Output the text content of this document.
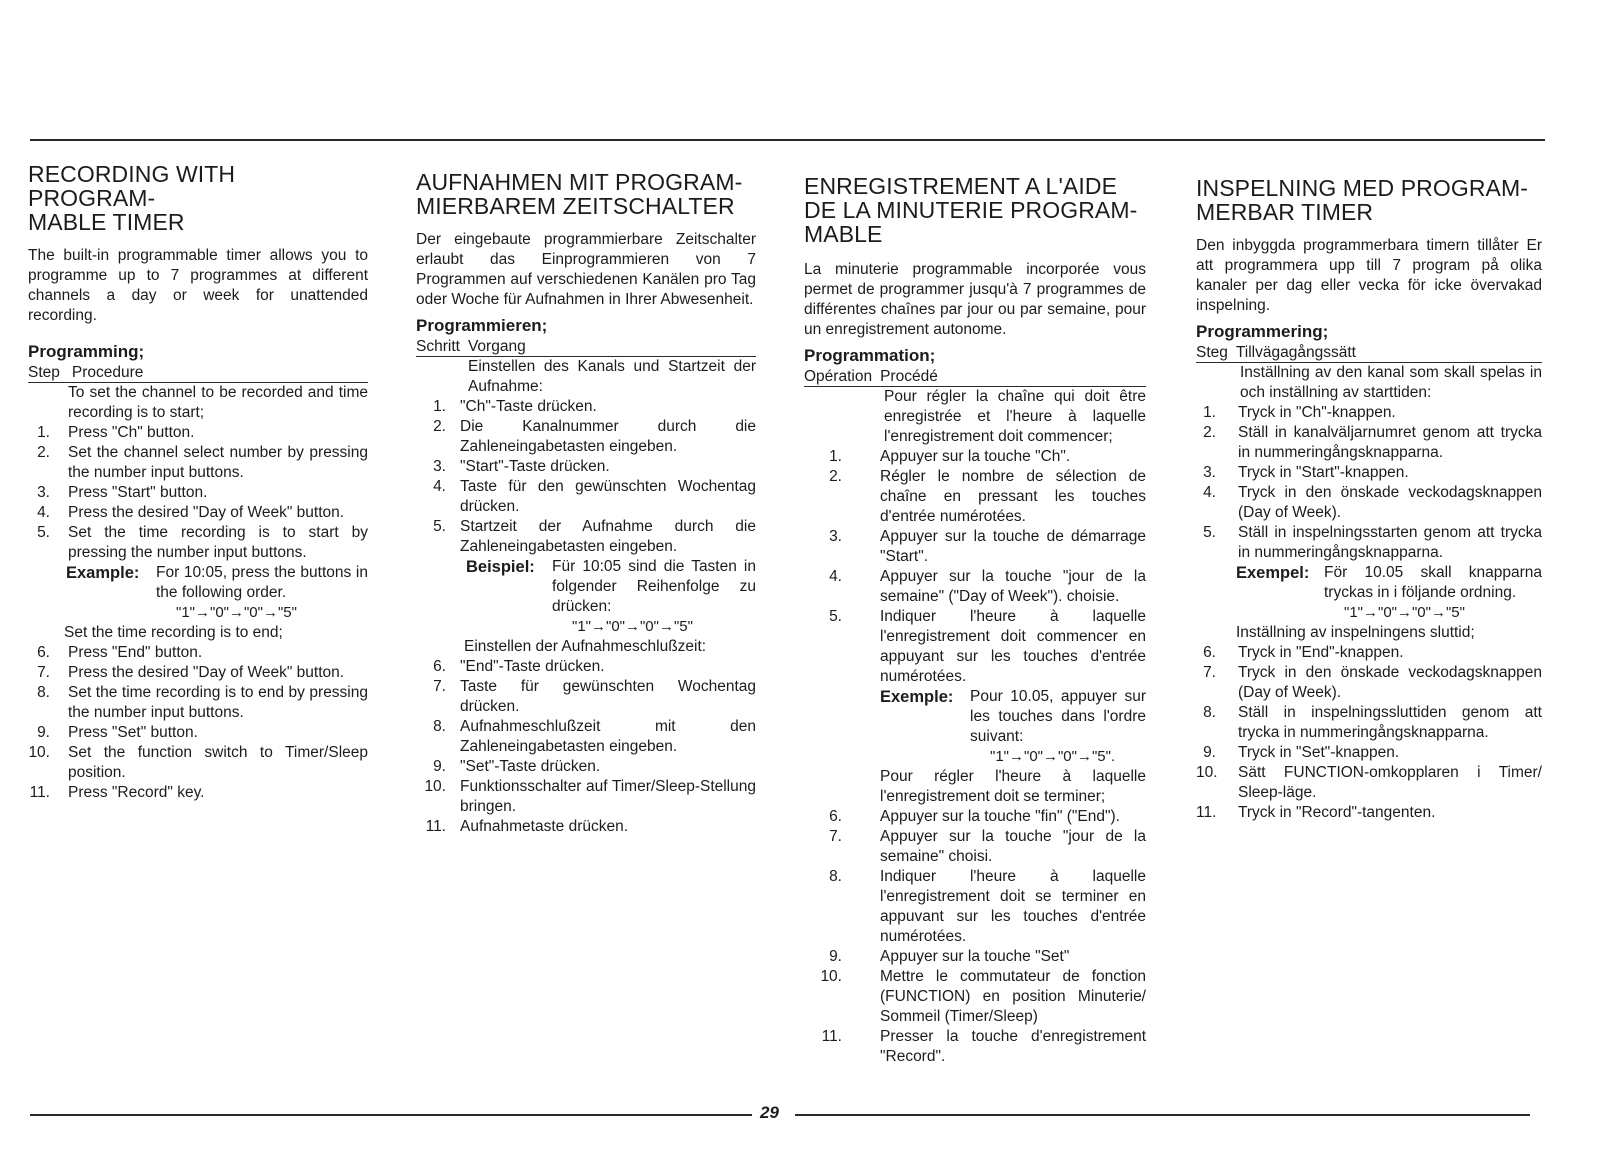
RECORDING WITH PROGRAM-
MABLE TIMER

The built-in programmable timer allows you to programme up to 7 programmes at different channels a day or week for unattended recording.

Programming;
Step Procedure
To set the channel to be recorded and time recording is to start;
1. Press "Ch" button.
2. Set the channel select number by pressing the number input buttons.
3. Press "Start" button.
4. Press the desired "Day of Week" button.
5. Set the time recording is to start by pressing the number input buttons.
Example:	For 10:05, press the buttons in the following order.
"1"→"0"→"0"→"5"
Set the time recording is to end;
6. Press "End" button.
7. Press the desired "Day of Week" button.
8. Set the time recording is to end by pressing the number input buttons.
9. Press "Set" button.
10. Set the function switch to Timer/Sleep position.
11. Press "Record" key.
AUFNAHMEN MIT PROGRAM-
MIERBAREM ZEITSCHALTER

Der eingebaute programmierbare Zeitschalter erlaubt das Einprogrammieren von 7 Programmen auf verschiedenen Kanälen pro Tag oder Woche für Aufnahmen in Ihrer Abwesenheit.

Programmieren;
Schritt Vorgang
Einstellen des Kanals und Startzeit der Aufnahme:
1. "Ch"-Taste drücken.
2. Die Kanalnummer durch die Zahleneingabetasten eingeben.
3. "Start"-Taste drücken.
4. Taste für den gewünschten Wochentag drücken.
5. Startzeit der Aufnahme durch die Zahleneingabetasten eingeben.
Beispiel:	Für 10:05 sind die Tasten in folgender Reihenfolge zu drücken:
"1"→"0"→"0"→"5"
Einstellen der Aufnahmeschlußzeit:
6. "End"-Taste drücken.
7. Taste für gewünschten Wochentag drücken.
8. Aufnahmeschlußzeit mit den Zahleneingabetasten eingeben.
9. "Set"-Taste drücken.
10. Funktionsschalter auf Timer/Sleep-Stellung bringen.
11. Aufnahmetaste drücken.
ENREGISTREMENT A L'AIDE
DE LA MINUTERIE PROGRAM-
MABLE

La minuterie programmable incorporée vous permet de programmer jusqu'à 7 programmes de différentes chaînes par jour ou par semaine, pour un enregistrement autonome.

Programmation;
Opération Procédé
Pour régler la chaîne qui doit être enregistrée et l'heure à laquelle l'enregistrement doit commencer;
1. Appuyer sur la touche "Ch".
2. Régler le nombre de sélection de chaîne en pressant les touches d'entrée numérotées.
3. Appuyer sur la touche de démarrage "Start".
4. Appuyer sur la touche "jour de la semaine" ("Day of Week"). choisie.
5. Indiquer l'heure à laquelle l'enregistrement doit commencer en appuyant sur les touches d'entrée numérotées.
Exemple:	Pour 10.05, appuyer sur les touches dans l'ordre suivant:
"1"→"0"→"0"→"5".
Pour régler l'heure à laquelle l'enregistrement doit se terminer;
6. Appuyer sur la touche "fin" ("End").
7. Appuyer sur la touche "jour de la semaine" choisi.
8. Indiquer l'heure à laquelle l'enregistrement doit se terminer en appuvant sur les touches d'entrée numérotées.
9. Appuyer sur la touche "Set"
10. Mettre le commutateur de fonction (FUNCTION) en position Minuterie/ Sommeil (Timer/Sleep)
11. Presser la touche d'enregistrement "Record".
INSPELNING MED PROGRAM-
MERBAR TIMER

Den inbyggda programmerbara timern tillåter Er att programmera upp till 7 program på olika kanaler per dag eller vecka för icke övervakad inspelning.

Programmering;
Steg Tillvägagångssätt
Inställning av den kanal som skall spelas in och inställning av starttiden:
1. Tryck in "Ch"-knappen.
2. Ställ in kanalväljarnumret genom att trycka in nummeringångsknapparna.
3. Tryck in "Start"-knappen.
4. Tryck in den önskade veckodagsknappen (Day of Week).
5. Ställ in inspelningsstarten genom att trycka in nummeringångsknapparna.
Exempel: För 10.05 skall knapparna tryckas in i följande ordning.
"1"→"0"→"0"→"5"
Inställning av inspelningens sluttid;
6. Tryck in "End"-knappen.
7. Tryck in den önskade veckodagsknappen (Day of Week).
8. Ställ in inspelningssluttiden genom att trycka in nummeringångsknapparna.
9. Tryck in "Set"-knappen.
10. Sätt FUNCTION-omkopplaren i Timer/ Sleep-läge.
11. Tryck in "Record"-tangenten.
29
